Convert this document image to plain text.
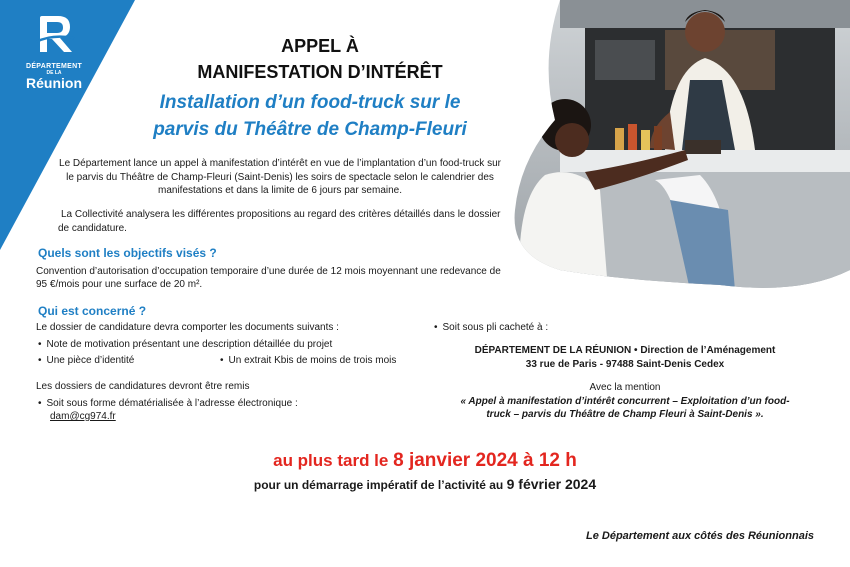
DÉPARTEMENT
DE LA
Réunion
APPEL À
MANIFESTATION D’INTÉRÊT
Installation d’un food-truck sur le
parvis du Théâtre de Champ-Fleuri
Le Département lance un appel à manifestation d’intérêt en vue de l’implantation d’un food-truck sur le parvis du Théâtre de Champ-Fleuri (Saint-Denis) les soirs de spectacle selon le calendrier des manifestations et dans la limite de 6 jours par semaine.
La Collectivité analysera les différentes propositions au regard des critères détaillés dans le dossier de candidature.
Quels sont les objectifs visés ?
Convention d’autorisation d’occupation temporaire d’une durée de 12 mois moyennant une redevance de 95 €/mois pour une surface de 20 m².
Qui est concerné ?
Le dossier de candidature devra comporter les documents suivants :
• Note de motivation présentant une description détaillée du projet
• Une pièce d’identité
•	Un extrait Kbis de moins de trois mois
Les dossiers de candidatures devront être remis
• Soit sous forme dématérialisée à l’adresse électronique :
dam@cg974.fr
• Soit sous pli cacheté à :
DÉPARTEMENT DE LA RÉUNION • Direction de l’Aménagement
33 rue de Paris - 97488 Saint-Denis Cedex
Avec la mention
« Appel à manifestation d’intérêt concurrent – Exploitation d’un food-
truck – parvis du Théâtre de Champ Fleuri à Saint-Denis ».
au plus tard le 8 janvier 2024 à 12 h
pour un démarrage impératif de l’activité au 9 février 2024
Le Département aux côtés des Réunionnais
